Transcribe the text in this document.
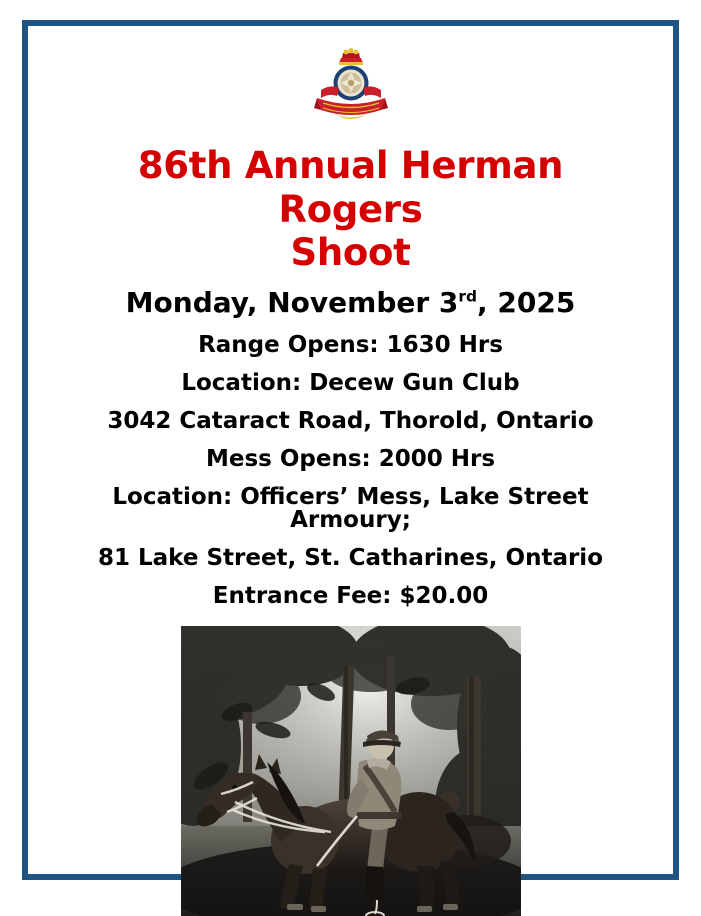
86th Annual Herman Rogers
Shoot

Monday, November 3rd, 2025

Range Opens: 1630 Hrs

Location: Decew Gun Club

3042 Cataract Road, Thorold, Ontario

Mess Opens: 2000 Hrs

Location: Officers’ Mess, Lake Street Armoury;

81 Lake Street, St. Catharines, Ontario

Entrance Fee: $20.00
